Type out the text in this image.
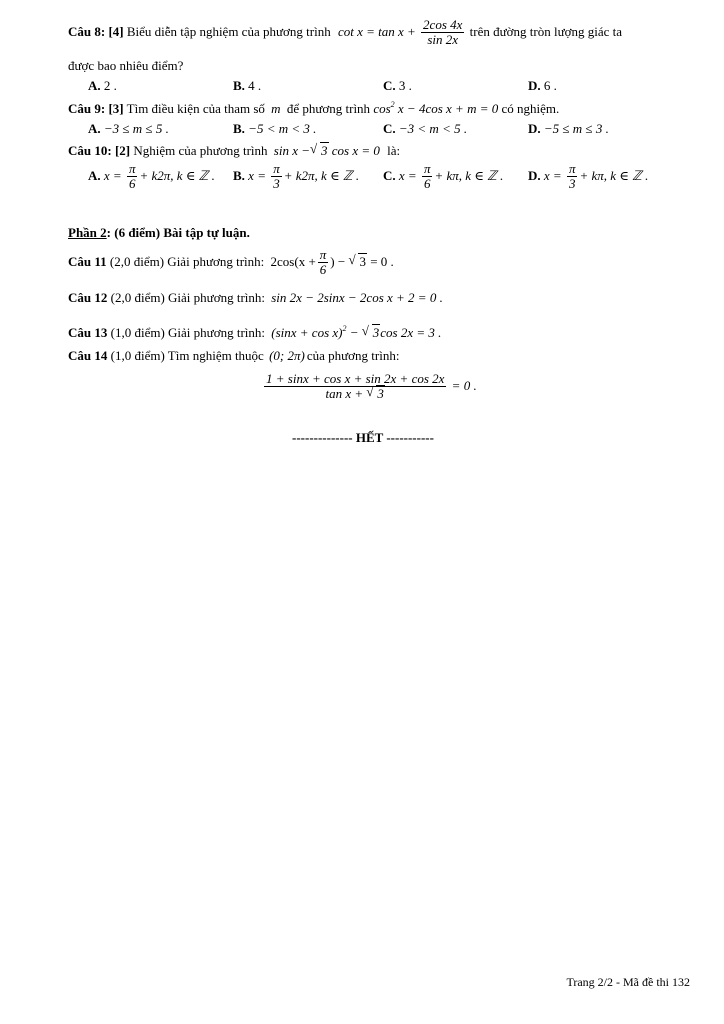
Câu 8: [4] Biểu diễn tập nghiệm của phương trình $\cot x = \tan x + \frac{2\cos 4x}{\sin 2x}$ trên đường tròn lượng giác ta
được bao nhiêu điểm?
A. 2 .	B. 4 .	C. 3 .	D. 6 .
Câu 9: [3] Tìm điều kiện của tham số m để phương trình $\cos^2 x - 4\cos$ x + m = 0 có nghiệm.
A. −3 ≤ m ≤ 5 .	B. −5 < m < 3 .	C. −3 < m < 5 .	D. −5 ≤ m ≤ 3 .
Câu 10: [2] Nghiệm của phương trình sin x − √ 3 cos x = 0 là:
A. $x = \frac{\pi}{6} + k2\pi$, k ∈ ℤ . B. $x = \frac{\pi}{3} + k2\pi$, k ∈ ℤ . C. $x = \frac{\pi}{6} + k\pi$, k ∈ ℤ . D. $x = \frac{\pi}{3} + k\pi$, k ∈ ℤ .
Phần 2: (6 điểm) Bài tập tự luận.
Câu 11 (2,0 điểm) Giải phương trình: $2\cos(x + \frac{\pi}{6}$ ) − √ 3 = 0 .
Câu 12 (2,0 điểm) Giải phương trình: sin 2x − 2sinx − 2cos x + 2 = 0 .
Câu 13 (1,0 điểm) Giải phương trình: $(\sin x + \cos x)^2$ − √ 3cos 2x = 3 .
Câu 14 (1,0 điểm) Tìm nghiệm thuộc (0; 2π) của phương trình:
$\frac{\text{1 + sinx + cos x + sin 2x + cos 2x}}{\text{tan x + √ 3}} = 0$ .
-------------- HẾT -----------
Trang 2/2 - Mã đề thi 132
